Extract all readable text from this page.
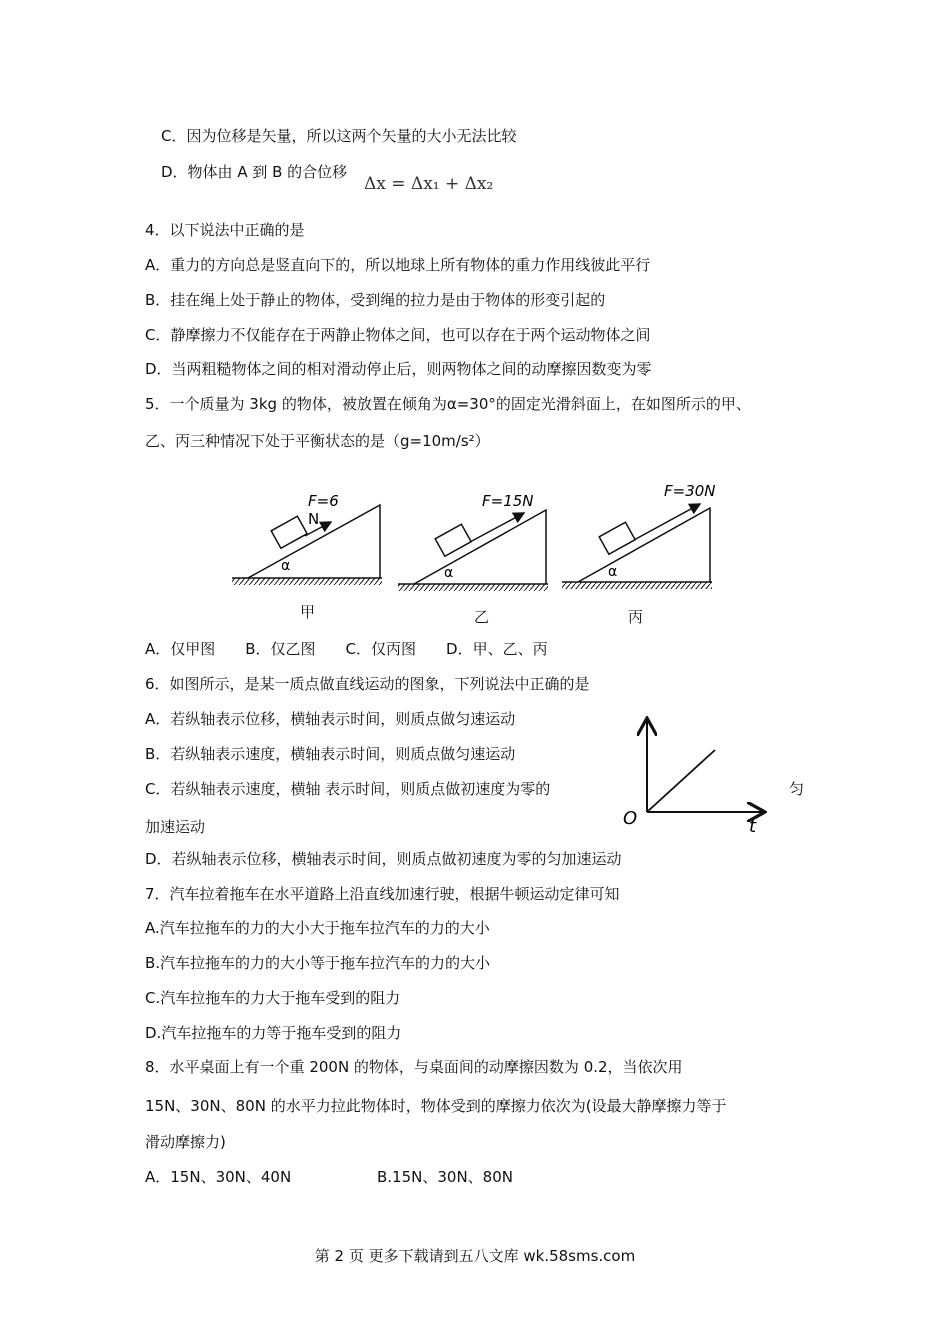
C．因为位移是矢量，所以这两个矢量的大小无法比较
D．物体由 A 到 B 的合位移
Δx = Δx₁ + Δx₂
4．以下说法中正确的是
A．重力的方向总是竖直向下的，所以地球上所有物体的重力作用线彼此平行
B．挂在绳上处于静止的物体，受到绳的拉力是由于物体的形变引起的
C．静摩擦力不仅能存在于两静止物体之间，也可以存在于两个运动物体之间
D．当两粗糙物体之间的相对滑动停止后，则两物体之间的动摩擦因数变为零
5．一个质量为 3kg 的物体，被放置在倾角为α=30°的固定光滑斜面上，在如图所示的甲、
乙、丙三种情况下处于平衡状态的是（g=10m/s²）
F=6
N
α
F=15N
α
F=30N
α
甲	乙	丙
A．仅甲图　　B．仅乙图　　C．仅丙图　　D．甲、乙、丙
6．如图所示，是某一质点做直线运动的图象，下列说法中正确的是
A．若纵轴表示位移，横轴表示时间，则质点做匀速运动
B．若纵轴表示速度，横轴表示时间，则质点做匀速运动
C．若纵轴表示速度，横轴 表示时间，则质点做初速度为零的	匀
加速运动
D．若纵轴表示位移，横轴表示时间，则质点做初速度为零的匀加速运动
O	t
7．汽车拉着拖车在水平道路上沿直线加速行驶，根据牛顿运动定律可知
A.汽车拉拖车的力的大小大于拖车拉汽车的力的大小
B.汽车拉拖车的力的大小等于拖车拉汽车的力的大小
C.汽车拉拖车的力大于拖车受到的阻力
D.汽车拉拖车的力等于拖车受到的阻力
8．水平桌面上有一个重 200N 的物体，与桌面间的动摩擦因数为 0.2，当依次用
15N、30N、80N 的水平力拉此物体时，物体受到的摩擦力依次为(设最大静摩擦力等于
滑动摩擦力)
A．15N、30N、40N	B.15N、30N、80N
第 2 页 更多下载请到五八文库 wk.58sms.com
